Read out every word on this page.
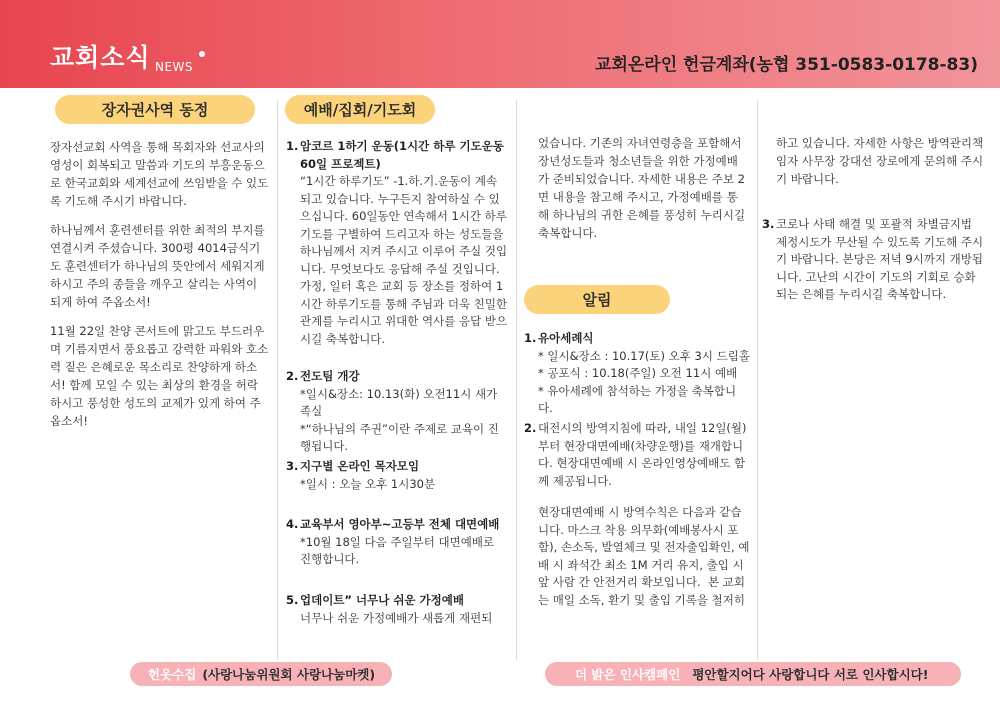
교회소식 NEWS	교회온라인 헌금계좌(농협 351-0583-0178-83)
장자권사역 동정	예배/집회/기도회

장자선교회 사역을 통해 목회자와 선교사의 영성이 회복되고 말씀과 기도의 부흥운동으로 한국교회와 세계선교에 쓰임받을 수 있도록 기도해 주시기 바랍니다.

하나님께서 훈련센터를 위한 최적의 부지를 연결시켜 주셨습니다. 300평 4014금식기도 훈련센터가 하나님의 뜻안에서 세워지게 하시고 주의 종들을 깨우고 살리는 사역이 되게 하여 주옵소서!

11월 22일 찬양 콘서트에 맑고도 부드러우며 기름지면서 풍요롭고 강력한 파워와 호소력 짙은 은혜로운 목소리로 찬양하게 하소서! 함께 모일 수 있는 최상의 환경을 허락 하시고 풍성한 성도의 교제가 있게 하여 주옵소서!

1. 암코르 1하기 운동(1시간 하루 기도운동 60일 프로젝트)
“1시간 하루기도” -1.하.기.운동이 계속되고 있습니다. 누구든지 참여하실 수 있으십니다. 60일동안 연속해서 1시간 하루기도를 구별하여 드리고자 하는 성도들을 하나님께서 지켜 주시고 이루어 주실 것입니다. 무엇보다도 응답해 주실 것입니다. 가정, 일터 혹은 교회 등 장소를 정하여 1시간 하루기도를 통해 주님과 더욱 친밀한 관계를 누리시고 위대한 역사를 응답 받으시길 축복합니다.
2. 전도팀 개강
*일시&장소: 10.13(화) 오전11시 새가족실
*“하나님의 주권”이란 주제로 교육이 진행됩니다.
3. 지구별 온라인 목자모임
*일시 : 오늘 오후 1시30분
4. 교육부서 영아부~고등부 전체 대면예배
*10월 18일 다음 주일부터 대면예배로 진행합니다.
5. 업데이트” 너무나 쉬운 가정예배
너무나 쉬운 가정예배가 새롭게 재편되
었습니다. 기존의 자녀연령층을 포함해서 장년성도들과 청소년들을 위한 가정예배가 준비되었습니다. 자세한 내용은 주보 2면 내용을 참고해 주시고, 가정예배를 통해 하나님의 귀한 은혜를 풍성히 누리시길 축복합니다.
알림
1. 유아세례식
* 일시&장소 : 10.17(토) 오후 3시 드림홀
* 공포식 : 10.18(주일) 오전 11시 예배
* 유아세례에 참석하는 가정을 축복합니다.
2. 대전시의 방역지침에 따라, 내일 12일(월)부터 현장대면예배(차량운행)를 재개합니다. 현장대면예배 시 온라인영상예배도 함께 제공됩니다.
현장대면예배 시 방역수칙은 다음과 같습니다. 마스크 착용 의무화(예배봉사시 포함), 손소독, 발열체크 및 전자출입확인, 예배 시 좌석간 최소 1M 거리 유지, 출입 시 앞 사람 간 안전거리 확보입니다.  본 교회는 매일 소독, 환기 및 출입 기록을 철저히
하고 있습니다. 자세한 사항은 방역관리책임자 사무장 강대선 장로에게 문의해 주시기 바랍니다.
3. 코로나 사태 해결 및 포괄적 차별금지법 제정시도가 무산될 수 있도록 기도해 주시기 바랍니다. 본당은 저녁 9시까지 개방됩니다. 고난의 시간이 기도의 기회로 승화되는 은혜를 누리시길 축복합니다.
헌옷수집 (사랑나눔위원회 사랑나눔마켓)	더 밝은 인사캠페인 평안할지어다 사랑합니다 서로 인사합시다!
